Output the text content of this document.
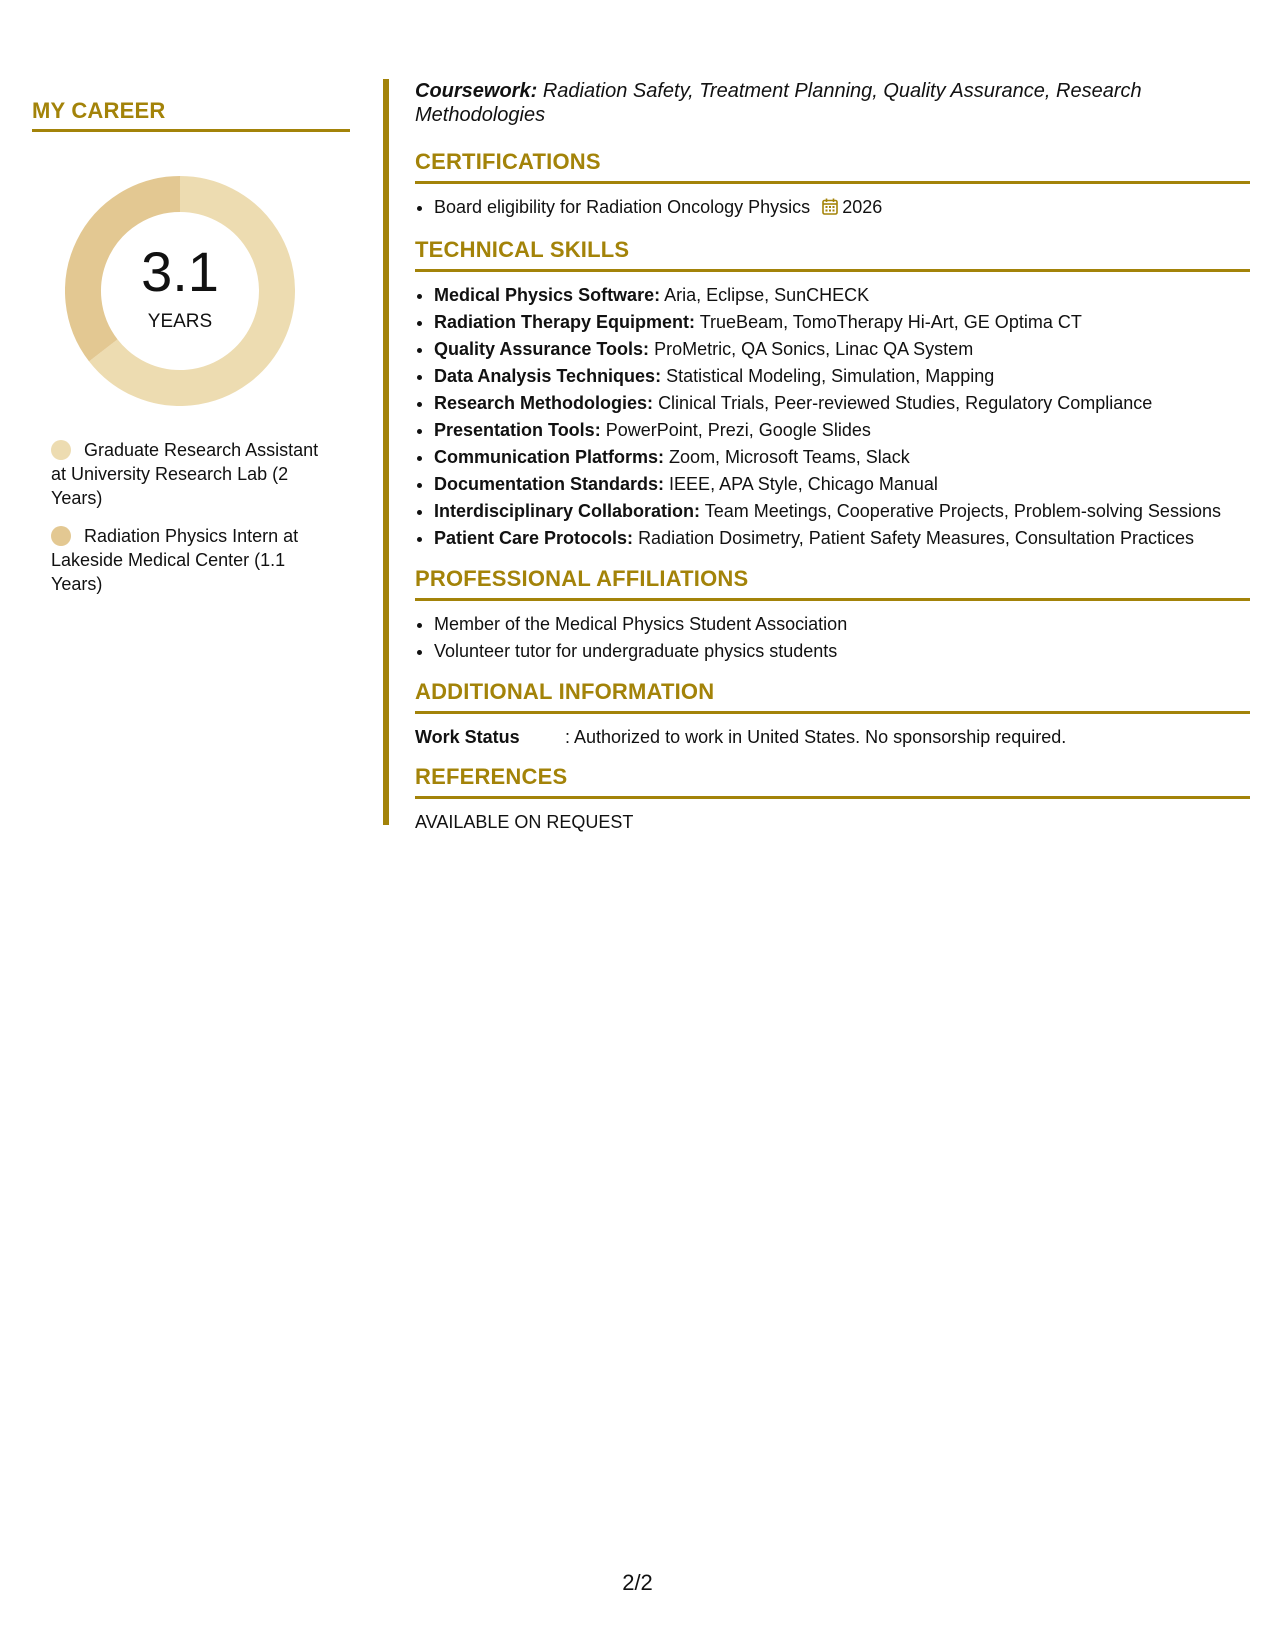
MY CAREER
3.1
YEARS
Graduate Research Assistant at University Research Lab (2 Years)
Radiation Physics Intern at Lakeside Medical Center (1.1 Years)

Coursework: Radiation Safety, Treatment Planning, Quality Assurance, Research Methodologies

CERTIFICATIONS
• Board eligibility for Radiation Oncology Physics 2026
TECHNICAL SKILLS
• Medical Physics Software: Aria, Eclipse, SunCHECK
• Radiation Therapy Equipment: TrueBeam, TomoTherapy Hi-Art, GE Optima CT
• Quality Assurance Tools: ProMetric, QA Sonics, Linac QA System
• Data Analysis Techniques: Statistical Modeling, Simulation, Mapping
• Research Methodologies: Clinical Trials, Peer-reviewed Studies, Regulatory Compliance
• Presentation Tools: PowerPoint, Prezi, Google Slides
• Communication Platforms: Zoom, Microsoft Teams, Slack
• Documentation Standards: IEEE, APA Style, Chicago Manual
• Interdisciplinary Collaboration: Team Meetings, Cooperative Projects, Problem-solving Sessions
• Patient Care Protocols: Radiation Dosimetry, Patient Safety Measures, Consultation Practices
PROFESSIONAL AFFILIATIONS
• Member of the Medical Physics Student Association
• Volunteer tutor for undergraduate physics students
ADDITIONAL INFORMATION
Work Status	: Authorized to work in United States. No sponsorship required.
REFERENCES
AVAILABLE ON REQUEST
2/2
